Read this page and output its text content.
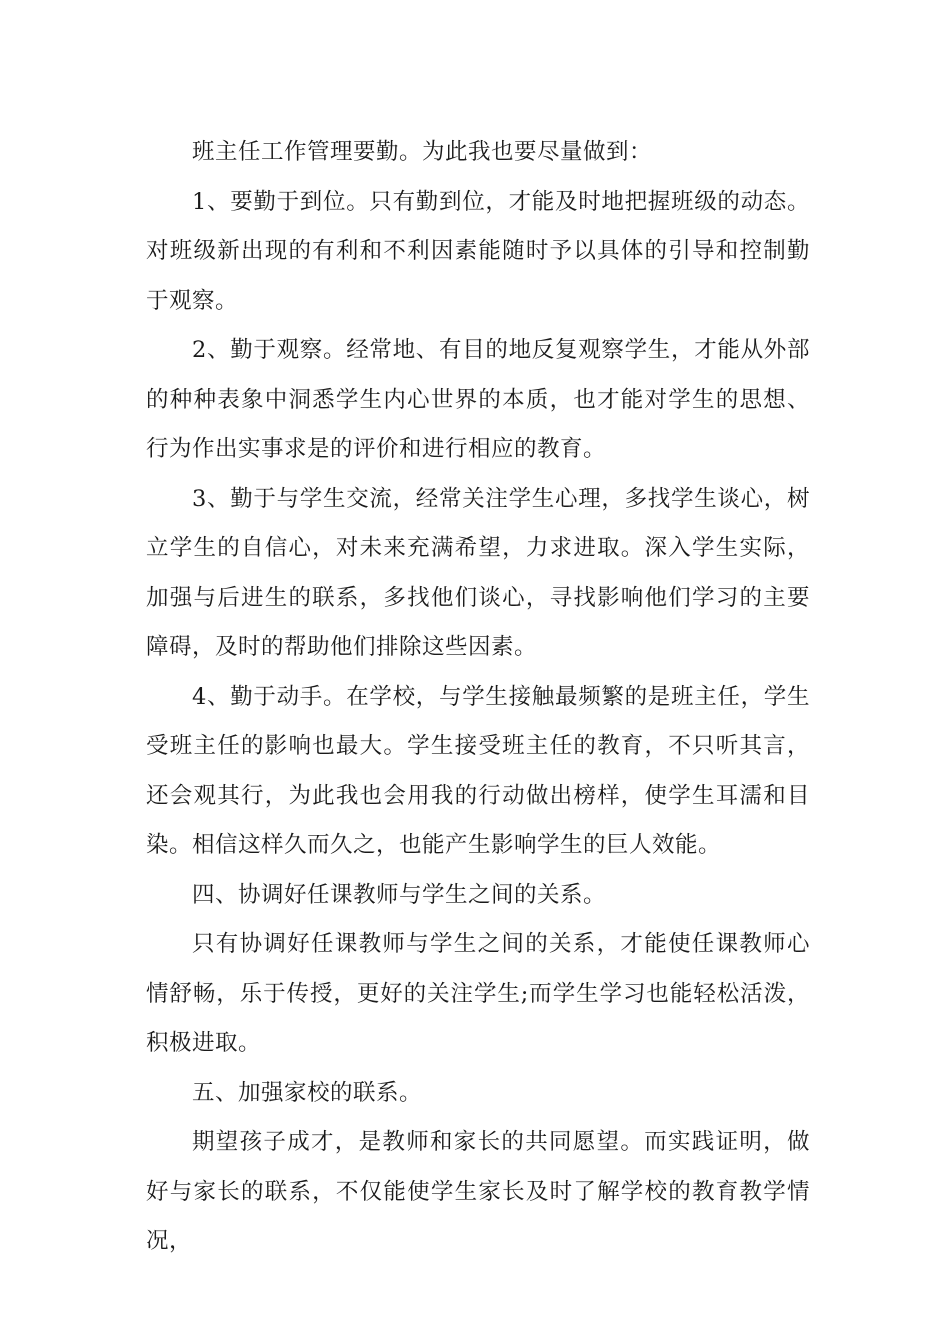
班主任工作管理要勤。为此我也要尽量做到：

1、要勤于到位。只有勤到位，才能及时地把握班级的动态。对班级新出现的有利和不利因素能随时予以具体的引导和控制勤于观察。

2、勤于观察。经常地、有目的地反复观察学生，才能从外部的种种表象中洞悉学生内心世界的本质，也才能对学生的思想、行为作出实事求是的评价和进行相应的教育。

3、勤于与学生交流，经常关注学生心理，多找学生谈心，树立学生的自信心，对未来充满希望，力求进取。深入学生实际，加强与后进生的联系，多找他们谈心，寻找影响他们学习的主要障碍，及时的帮助他们排除这些因素。

4、勤于动手。在学校，与学生接触最频繁的是班主任，学生受班主任的影响也最大。学生接受班主任的教育，不只听其言，还会观其行，为此我也会用我的行动做出榜样，使学生耳濡和目染。相信这样久而久之，也能产生影响学生的巨人效能。

四、协调好任课教师与学生之间的关系。

只有协调好任课教师与学生之间的关系，才能使任课教师心情舒畅，乐于传授，更好的关注学生;而学生学习也能轻松活泼，积极进取。

五、加强家校的联系。

期望孩子成才，是教师和家长的共同愿望。而实践证明，做好与家长的联系，不仅能使学生家长及时了解学校的教育教学情况，
